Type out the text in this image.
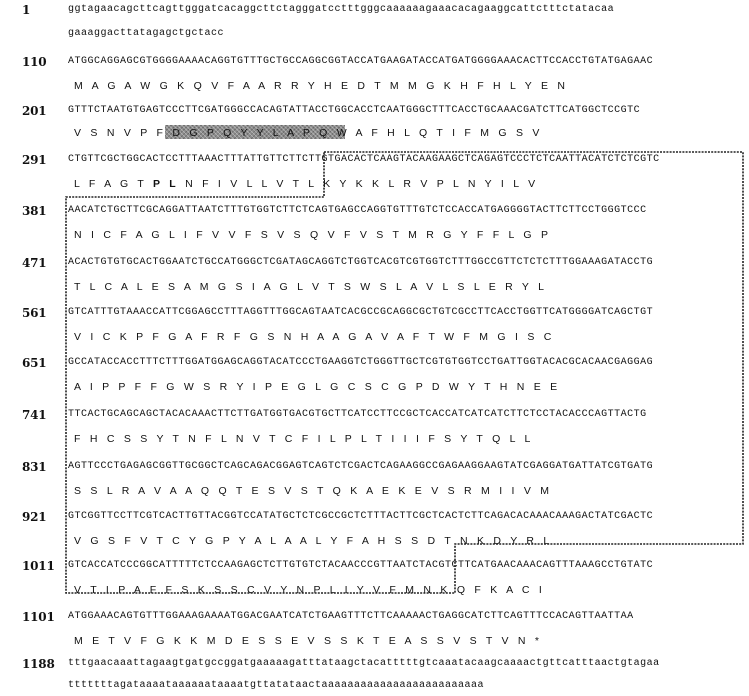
1	ggtagaacagcttcagttgggatcacaggcttctagggatcctttgggcaaaaaagaaacacagaaggcattctttctatacaa
gaaaggacttatagagctgctacc
110 ATGGCAGGAGCGTGGGGAAAACAGGTGTTTGCTGCCAGGCGGTACCATGAAGATACCATGATGGGGAAACACTTCCACCTGTATGAGAAC
M A G A W G K Q V F A A R R Y H E D T M M G K H F H L Y E N
201 GTTTCTAATGTGAGTCCCTTCGATGGGCCACAGTATTACCTGGCACCTCAATGGGCTTTCACCTGCAAACGATCTTCATGGCTCCGTC
V S N V P F D G P Q Y Y L A P Q W A F H L Q T I F M G S V
291 CTGTTCGCTGGCACTCCTTTAAACTTTATTGTTCTTCTTGTGACACTCAAGTACAAGAAGCTCAGAGTCCCTCTCAATTACATCTCTCGTC
L F A G T P L N F I V L L V T L K Y K K L R V P L N Y I L V
381 AACATCTGCTTCGCAGGATTAATCTTTGTGGTCTTCTCAGTGAGCCAGGTGTTTGTCTCCACCATGAGGGGTACTTCTTCCTGGGTCCC
N I C F A G L I F V V F S V S Q V F V S T M R G Y F F L G P
471 ACACTGTGTGCACTGGAATCTGCCATGGGCTCGATAGCAGGTCTGGTCACGTCGTGGTCTTTGGCCGTTCTCTCTTTGGAAAGATACCTG
T L C A L E S A M G S I A G L V T S W S L A V L S L E R Y L
561 GTCATTTGTAAACCATTCGGAGCCTTTAGGTTTGGCAGTAATCACGCCGCAGGCGCTGTCGCCTTCACCTGGTTCATGGGGATCAGCTGT
V I C K P F G A F R F G S N H A A G A V A F T W F M G I S C
651 GCCATACCACCTTTCTTTGGATGGAGCAGGTACATCCCTGAAGGTCTGGGTTGCTCGTGTGGTCCTGATTGGTACACGCACAACGAGGAG
A I P P F F G W S R Y I P E G L G C S C G P D W Y T H N E E
741 TTCACTGCAGCAGCTACACAAACTTCTTGATGGTGACGTGCTTCATCCTTCCGCTCACCATCATCATCTTCTCCTACACCCAGTTACTG
F H C S S Y T N F L N V T C F I L P L T I I I F S Y T Q L L
831 AGTTCCCTGAGAGCGGTTGCGGCTCAGCAGACGGAGTCAGTCTCGACTCAGAAGGCCGAGAAGGAAGTATCGAGGATGATTATCGTGATG
S S L R A V A A Q Q T E S V S T Q K A E K E V S R M I I V M
921 GTCGGTTCCTTCGTCACTTGTTACGGTCCATATGCTCTCGCCGCTCTTTACTTCGCTCACTCTTCAGACACAAACAAAGACTATCGACTC
V G S F V T C Y G P Y A L A A L Y F A H S S D T N K D Y R L
1011 GTCACCATCCCGGCATTTTTCTCCAAGAGCTCTTGTGTCTACAACCCGTTAATCTACGTCTTCATGAACAAACAGTTTAAAGCCTGTATC
V T I P A F F S K S S C V Y N P L I Y V F M N K Q F K A C I
1101 ATGGAAACAGTGTTTGGAAAGAAAATGGACGAATCATCTGAAGTTTCTTCAAAAACTGAGGCATCTTCAGTTTCCACAGTTAATTAA
M E T V F G K K M D E S S E V S S K T E A S S V S T V N *
1188 tttgaacaaattagaagtgatgccggatgaaaaagatttataagctacatttttgtcaaatacaagcaaaactgttcatttaactgtagaa
tttttttagataaaataaaaaataaaatgttatataactaaaaaaaaaaaaaaaaaaaaaaaaa
